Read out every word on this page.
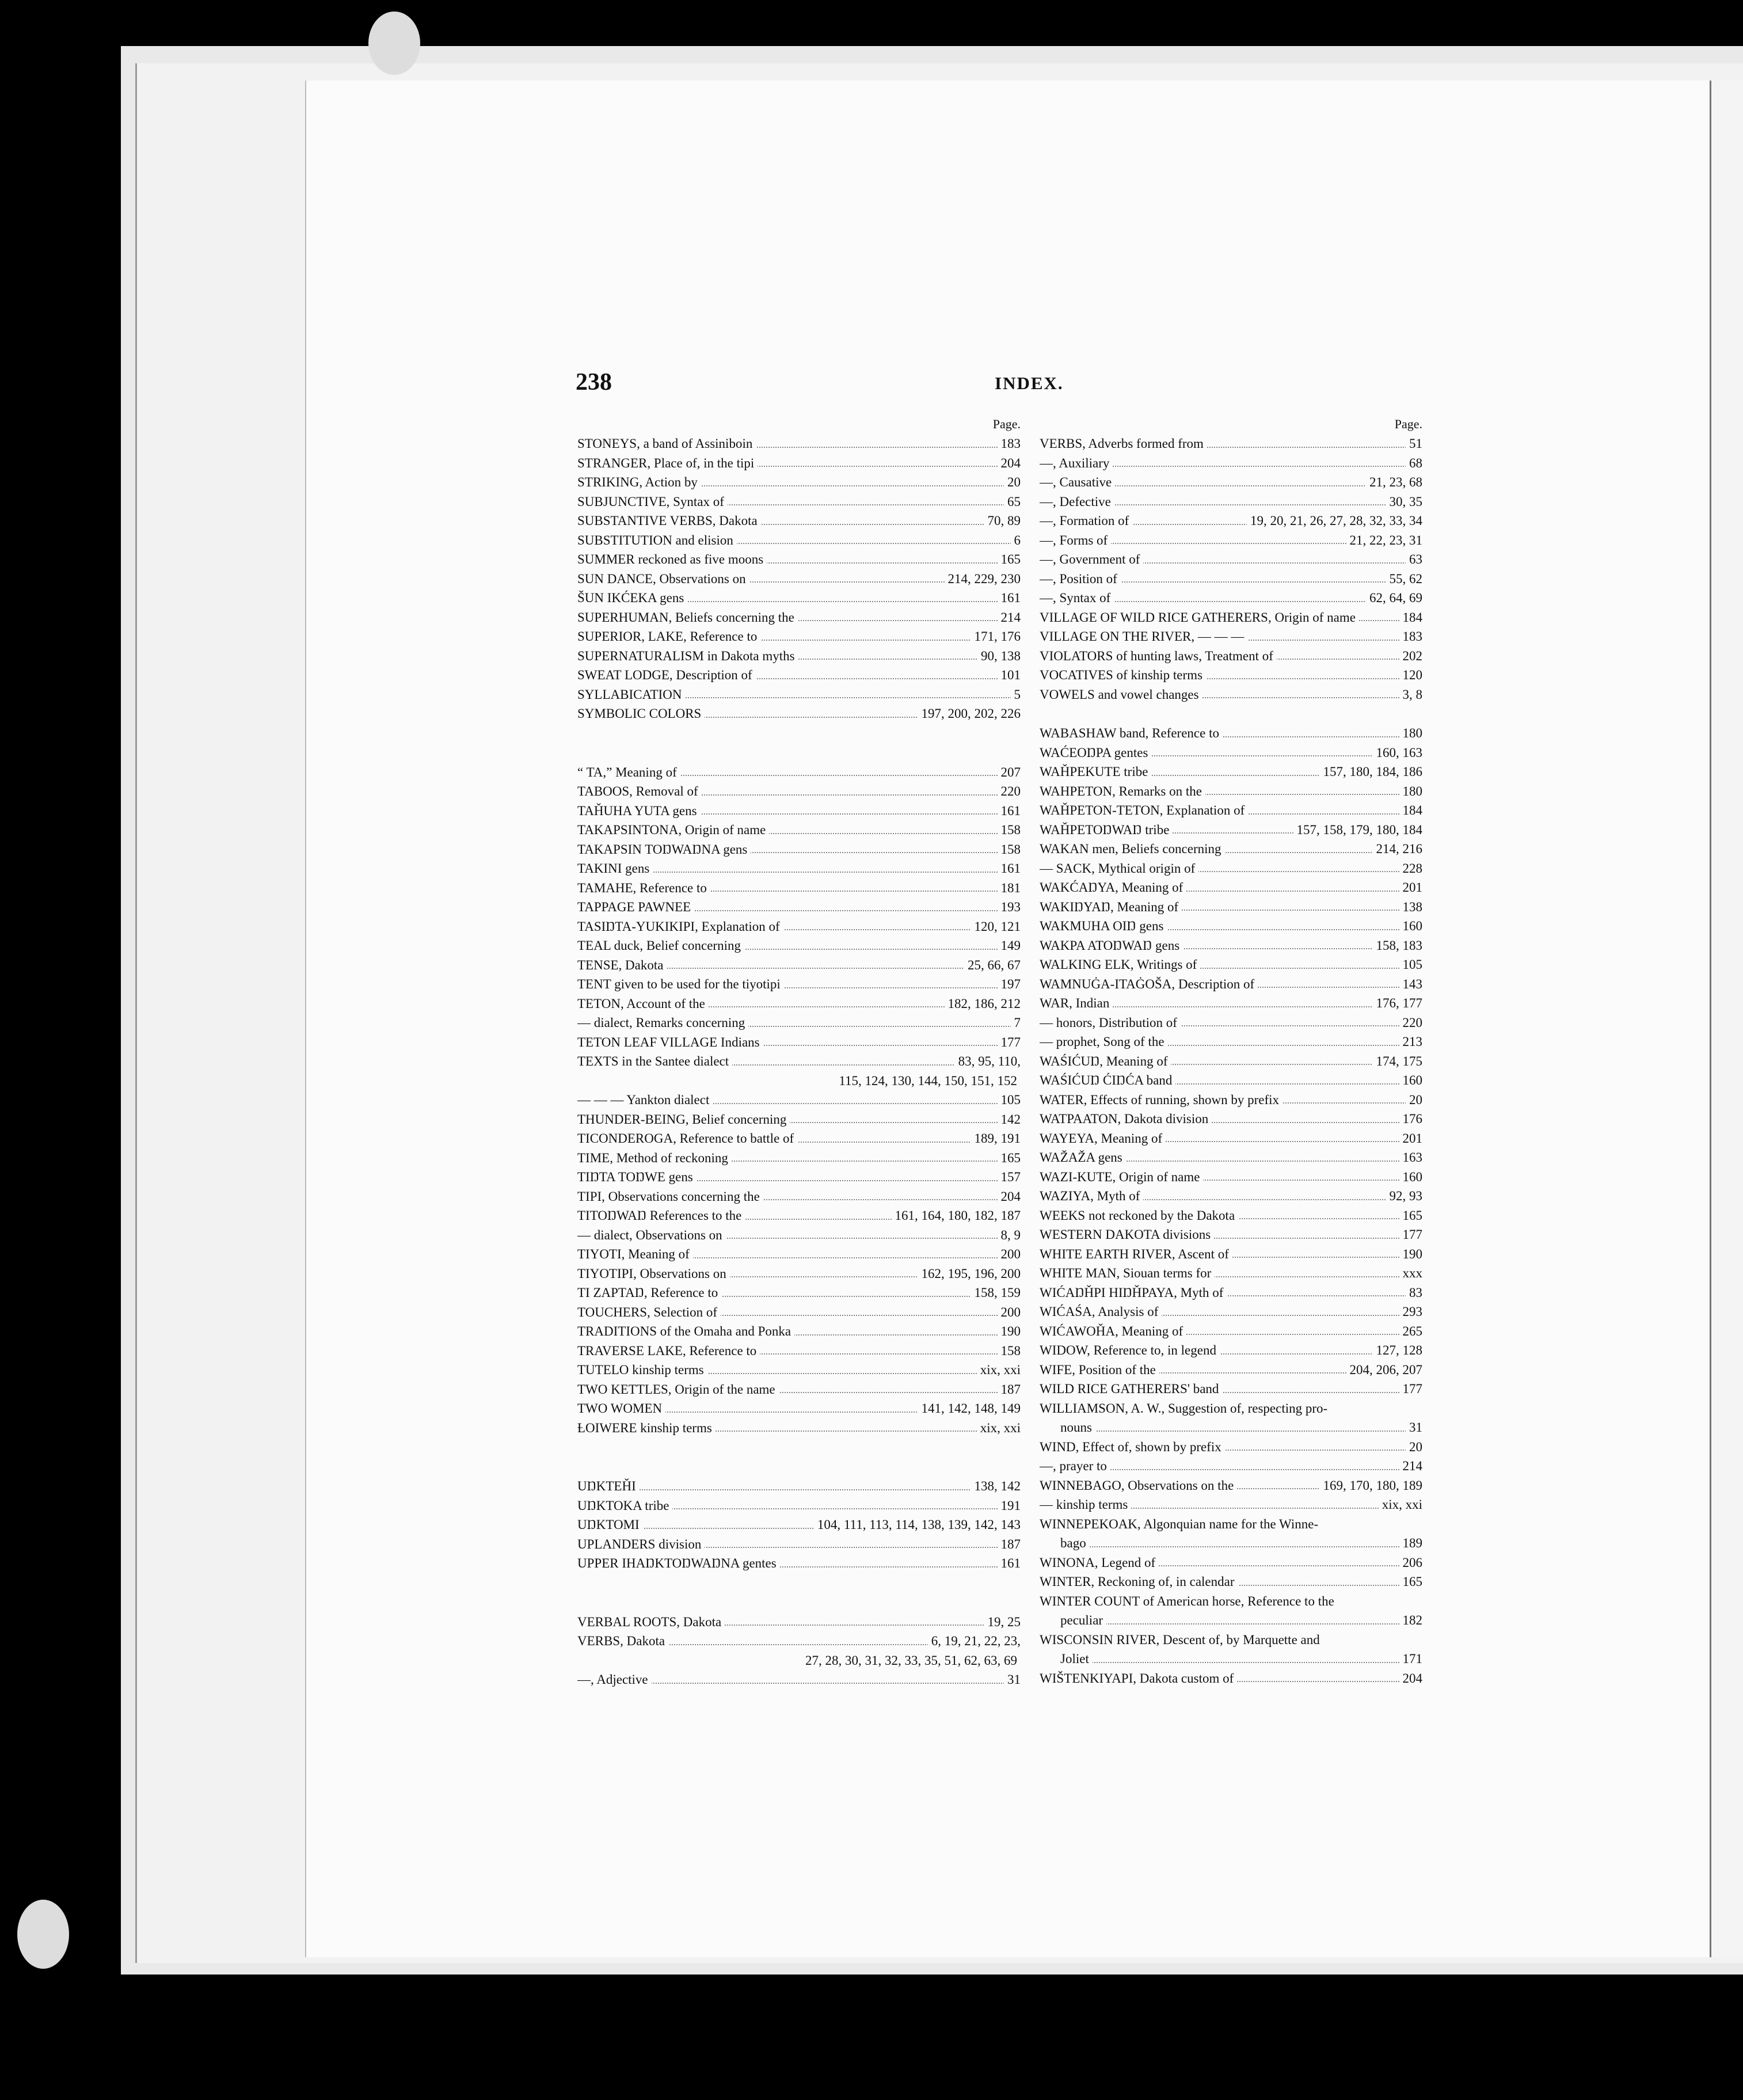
238	INDEX.
Page.
STONEYS, a band of Assiniboin	183
STRANGER, Place of, in the tipi	204
STRIKING, Action by	20
SUBJUNCTIVE, Syntax of	65
SUBSTANTIVE VERBS, Dakota	70, 89
SUBSTITUTION and elision	6
SUMMER reckoned as five moons	165
SUN DANCE, Observations on	214, 229, 230
ŠUN IKĆEKA gens	161
SUPERHUMAN, Beliefs concerning the	214
SUPERIOR, LAKE, Reference to	171, 176
SUPERNATURALISM in Dakota myths	90, 138
SWEAT LODGE, Description of	101
SYLLABICATION	5
SYMBOLIC COLORS	197, 200, 202, 226
“ TA,” Meaning of	207
TABOOS, Removal of	220
TAȞUHA YUTA gens	161
TAKAPSINTONA, Origin of name	158
TAKAPSIN TOŊWAŊNA gens	158
TAKINI gens	161
TAMAHE, Reference to	181
TAPPAGE PAWNEE	193
TASIŊTA-YUKIKIPI, Explanation of	120, 121
TEAL duck, Belief concerning	149
TENSE, Dakota	25, 66, 67
TENT given to be used for the tiyotipi	197
TETON, Account of the	182, 186, 212
— dialect, Remarks concerning	7
TETON LEAF VILLAGE Indians	177
TEXTS in the Santee dialect	83, 95, 110,
115, 124, 130, 144, 150, 151, 152
— — — Yankton dialect	105
THUNDER-BEING, Belief concerning	142
TICONDEROGA, Reference to battle of	189, 191
TIME, Method of reckoning	165
TIŊTA TOŊWE gens	157
TIPI, Observations concerning the	204
TITOŊWAŊ References to the	161, 164, 180, 182, 187
— dialect, Observations on	8, 9
TIYOTI, Meaning of	200
TIYOTIPI, Observations on	162, 195, 196, 200
TI ZAPTAŊ, Reference to	158, 159
TOUCHERS, Selection of	200
TRADITIONS of the Omaha and Ponka	190
TRAVERSE LAKE, Reference to	158
TUTELO kinship terms	xix, xxi
TWO KETTLES, Origin of the name	187
TWO WOMEN	141, 142, 148, 149
ȽOIWERE kinship terms	xix, xxi
UŊKTEȞI	138, 142
UŊKTOKA tribe	191
UŊKTOMI	104, 111, 113, 114, 138, 139, 142, 143
UPLANDERS division	187
UPPER IHAŊKTOŊWAŊNA gentes	161
VERBAL ROOTS, Dakota	19, 25
VERBS, Dakota	6, 19, 21, 22, 23,
27, 28, 30, 31, 32, 33, 35, 51, 62, 63, 69
—, Adjective	31
Page.
VERBS, Adverbs formed from	51
—, Auxiliary	68
—, Causative	21, 23, 68
—, Defective	30, 35
—, Formation of	19, 20, 21, 26, 27, 28, 32, 33, 34
—, Forms of	21, 22, 23, 31
—, Government of	63
—, Position of	55, 62
—, Syntax of	62, 64, 69
VILLAGE OF WILD RICE GATHERERS, Origin of name	184
VILLAGE ON THE RIVER, — — —	183
VIOLATORS of hunting laws, Treatment of	202
VOCATIVES of kinship terms	120
VOWELS and vowel changes	3, 8
WABASHAW band, Reference to	180
WAĆEOŊPA gentes	160, 163
WAȞPEKUTE tribe	157, 180, 184, 186
WAHPETON, Remarks on the	180
WAȞPETON-TETON, Explanation of	184
WAȞPETOŊWAŊ tribe	157, 158, 179, 180, 184
WAKAN men, Beliefs concerning	214, 216
— SACK, Mythical origin of	228
WAKĆAŊYA, Meaning of	201
WAKIŊYAŊ, Meaning of	138
WAKMUHA OIŊ gens	160
WAKPA ATOŊWAŊ gens	158, 183
WALKING ELK, Writings of	105
WAMNUĠA-ITAĠOŠA, Description of	143
WAR, Indian	176, 177
— honors, Distribution of	220
— prophet, Song of the	213
WAŚIĆUŊ, Meaning of	174, 175
WAŚIĆUŊ ĆIŊĆA band	160
WATER, Effects of running, shown by prefix	20
WATPAATON, Dakota division	176
WAYEYA, Meaning of	201
WAŽAŽA gens	163
WAZI-KUTE, Origin of name	160
WAZIYA, Myth of	92, 93
WEEKS not reckoned by the Dakota	165
WESTERN DAKOTA divisions	177
WHITE EARTH RIVER, Ascent of	190
WHITE MAN, Siouan terms for	xxx
WIĆAŊȞPI HIŊȞPAYA, Myth of	83
WIĆAŚA, Analysis of	293
WIĆAWOȞA, Meaning of	265
WIDOW, Reference to, in legend	127, 128
WIFE, Position of the	204, 206, 207
WILD RICE GATHERERS' band	177
WILLIAMSON, A. W., Suggestion of, respecting pro-
nouns	31
WIND, Effect of, shown by prefix	20
—, prayer to	214
WINNEBAGO, Observations on the	169, 170, 180, 189
— kinship terms	xix, xxi
WINNEPEKOAK, Algonquian name for the Winne-
bago	189
WINONA, Legend of	206
WINTER, Reckoning of, in calendar	165
WINTER COUNT of American horse, Reference to the
peculiar	182
WISCONSIN RIVER, Descent of, by Marquette and
Joliet	171
WIŠTENKIYAPI, Dakota custom of	204
